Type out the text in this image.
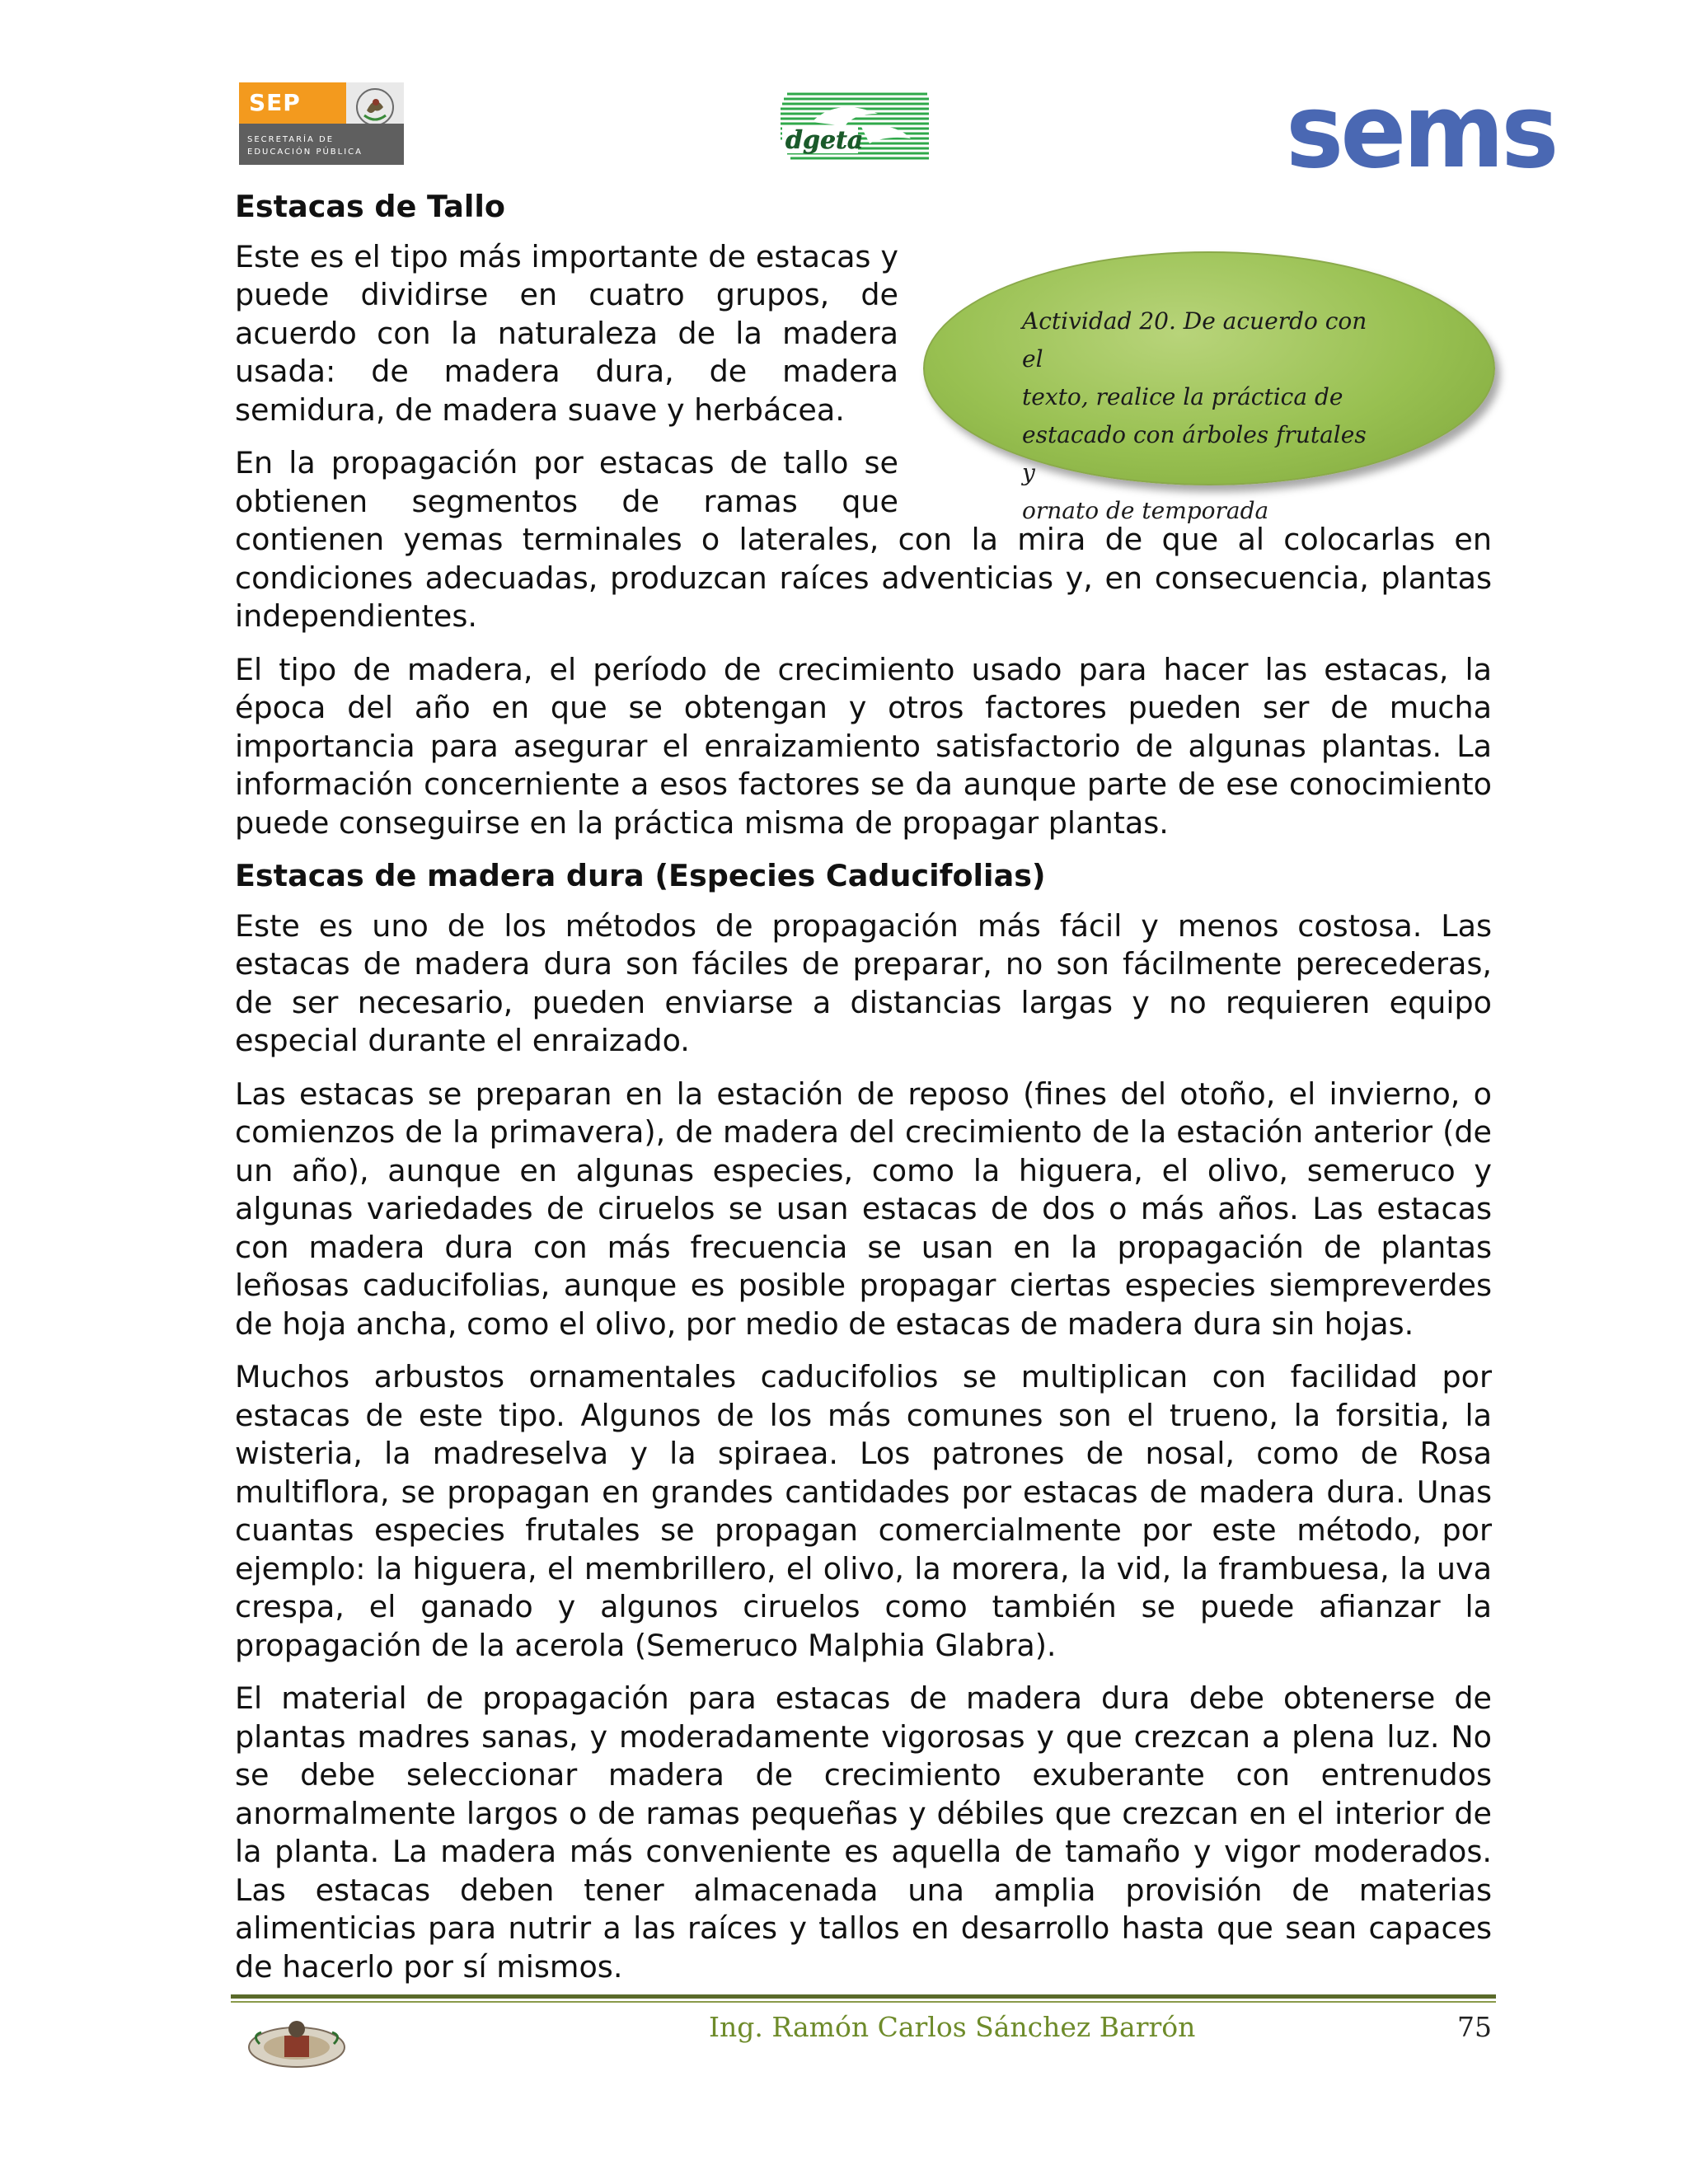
SEP
SECRETARÍA DE
EDUCACIÓN PÚBLICA	dgeta	sems
Estacas de Tallo
Actividad 20. De acuerdo con el
texto, realice la práctica de
estacado con árboles frutales y
ornato de temporada

Este es el tipo más importante de estacas y puede dividirse en cuatro grupos, de acuerdo con la naturaleza de la madera usada: de madera dura, de madera semidura, de madera suave y herbácea.

En la propagación por estacas de tallo se obtienen segmentos de ramas que contienen yemas terminales o laterales, con la mira de que al colocarlas en condiciones adecuadas, produzcan raíces adventicias y, en consecuencia, plantas independientes.

El tipo de madera, el período de crecimiento usado para hacer las estacas, la época del año en que se obtengan y otros factores pueden ser de mucha importancia para asegurar el enraizamiento satisfactorio de algunas plantas. La información concerniente a esos factores se da aunque parte de ese conocimiento puede conseguirse en la práctica misma de propagar plantas.

Estacas de madera dura (Especies Caducifolias)

Este es uno de los métodos de propagación más fácil y menos costosa. Las estacas de madera dura son fáciles de preparar, no son fácilmente perecederas, de ser necesario, pueden enviarse a distancias largas y no requieren equipo especial durante el enraizado.

Las estacas se preparan en la estación de reposo (fines del otoño, el invierno, o comienzos de la primavera), de madera del crecimiento de la estación anterior (de un año), aunque en algunas especies, como la higuera, el olivo, semeruco y algunas variedades de ciruelos se usan estacas de dos o más años. Las estacas con madera dura con más frecuencia se usan en la propagación de plantas leñosas caducifolias, aunque es posible propagar ciertas especies siempreverdes de hoja ancha, como el olivo, por medio de estacas de madera dura sin hojas.

Muchos arbustos ornamentales caducifolios se multiplican con facilidad por estacas de este tipo. Algunos de los más comunes son el trueno, la forsitia, la wisteria, la madreselva y la spiraea. Los patrones de nosal, como de Rosa multiflora, se propagan en grandes cantidades por estacas de madera dura. Unas cuantas especies frutales se propagan comercialmente por este método, por ejemplo: la higuera, el membrillero, el olivo, la morera, la vid, la frambuesa, la uva crespa, el ganado y algunos ciruelos como también se puede afianzar la propagación de la acerola (Semeruco Malphia Glabra).

El material de propagación para estacas de madera dura debe obtenerse de plantas madres sanas, y moderadamente vigorosas y que crezcan a plena luz. No se debe seleccionar madera de crecimiento exuberante con entrenudos anormalmente largos o de ramas pequeñas y débiles que crezcan en el interior de la planta. La madera más conveniente es aquella de tamaño y vigor moderados. Las estacas deben tener almacenada una amplia provisión de materias alimenticias para nutrir a las raíces y tallos en desarrollo hasta que sean capaces de hacerlo por sí mismos.

Ing. Ramón Carlos Sánchez Barrón	75
